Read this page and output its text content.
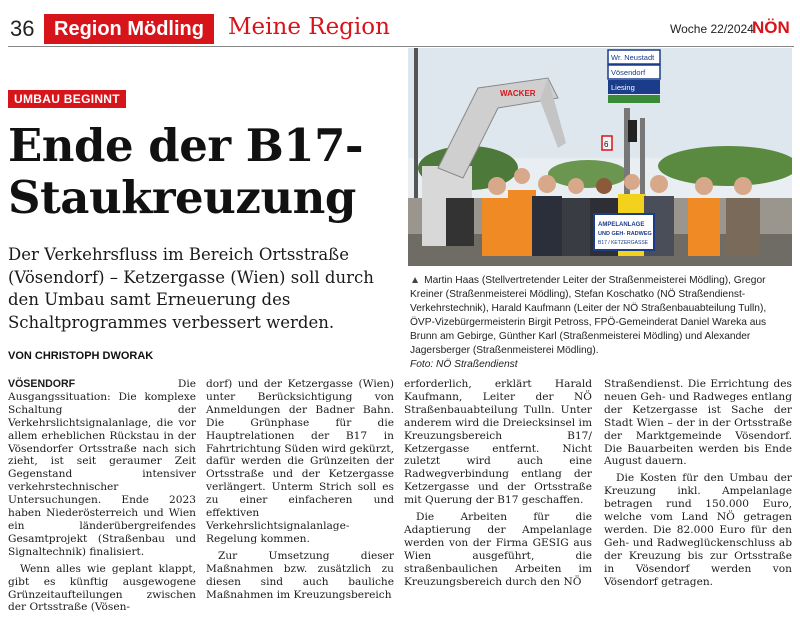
36 Region Mödling	Meine Region	Woche 22/2024
NÖN
UMBAU BEGINNT
Ende der B17-Staukreuzung

Der Verkehrsfluss im Bereich Ortsstraße (Vösendorf) – Ketzergasse (Wien) soll durch den Umbau samt Erneuerung des Schaltprogrammes verbessert werden.

VON CHRISTOPH DWORAK
WACKER
Wr. Neustadt
Vösendorf
Liesing
6
AMPELANLAGE
UND GEH- RADWEG
B17 / KETZERGASSE

▲ Martin Haas (Stellvertretender Leiter der Straßenmeisterei Mödling), Gregor Kreiner (Straßenmeisterei Mödling), Stefan Koschatko (NÖ Straßendienst-Verkehrstechnik), Harald Kaufmann (Leiter der NÖ Straßenbauabteilung Tulln), ÖVP-Vizebürgermeisterin Birgit Petross, FPÖ-Gemeinderat Daniel Wareka aus Brunn am Gebirge, Günther Karl (Straßenmeisterei Mödling) und Alexander Jagersberger (Straßenmeisterei Mödling).
Foto: NÖ Straßendienst

VÖSENDORF	Die Ausgangssituation: Die komplexe Schaltung der Verkehrslichtsignalanlage, die vor allem erheblichen Rückstau in der Vösendorfer Ortsstraße nach sich zieht, ist seit geraumer Zeit Gegenstand intensiver verkehrstechnischer Untersuchungen. Ende 2023 haben Niederösterreich und Wien ein länderübergreifendes Gesamtprojekt (Straßenbau und Signaltechnik) finalisiert.

Wenn alles wie geplant klappt, gibt es künftig ausgewogene Grünzeitaufteilungen zwischen der Ortsstraße (Vösen-

dorf) und der Ketzergasse (Wien) unter Berücksichtigung von Anmeldungen der Badner Bahn. Die Grünphase für die Hauptrelationen der B17 in Fahrtrichtung Süden wird gekürzt, dafür werden die Grünzeiten der Ortsstraße und der Ketzergasse verlängert. Unterm Strich soll es zu einer einfacheren und effektiven Verkehrslichtsignalanlage-Regelung kommen.

Zur Umsetzung dieser Maßnahmen bzw. zusätzlich zu diesen sind auch bauliche Maßnahmen im Kreuzungsbereich

erforderlich, erklärt Harald Kaufmann, Leiter der NÖ Straßenbauabteilung Tulln. Unter anderem wird die Dreiecksinsel im Kreuzungsbereich B17/ Ketzergasse entfernt. Nicht zuletzt wird auch eine Radwegverbindung entlang der Ketzergasse und der Ortsstraße mit Querung der B17 geschaffen.

Die Arbeiten für die Adaptierung der Ampelanlage werden von der Firma GESIG aus Wien ausgeführt, die straßenbaulichen Arbeiten im Kreuzungsbereich durch den NÖ

Straßendienst. Die Errichtung des neuen Geh- und Radweges entlang der Ketzergasse ist Sache der Stadt Wien – der in der Ortsstraße der Marktgemeinde Vösendorf. Die Bauarbeiten werden bis Ende August dauern.

Die Kosten für den Umbau der Kreuzung inkl. Ampelanlage betragen rund 150.000 Euro, welche vom Land NÖ getragen werden. Die 82.000 Euro für den Geh- und Radweglückenschluss ab der Kreuzung bis zur Ortsstraße in Vösendorf werden von Vösendorf getragen.
